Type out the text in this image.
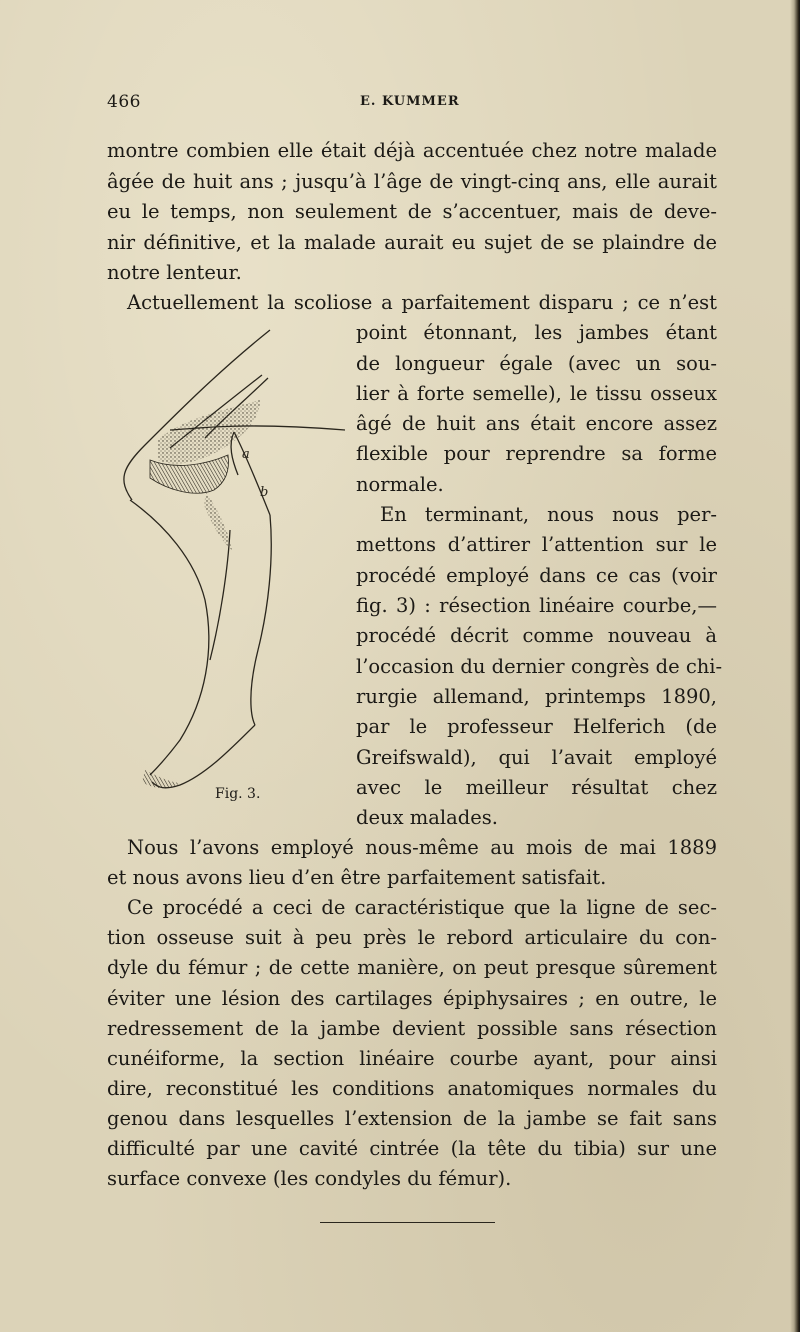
466	E. KUMMER
montre combien elle était déjà accentuée chez notre malade
âgée de huit ans ; jusqu’à l’âge de vingt-cinq ans, elle aurait
eu le temps, non seulement de s’accentuer, mais de deve-
nir définitive, et la malade aurait eu sujet de se plaindre de
notre lenteur.
Actuellement la scoliose a parfaitement disparu ; ce n’est
point étonnant, les jambes étant
de longueur égale (avec un sou-
lier à forte semelle), le tissu osseux
âgé de huit ans était encore assez
flexible pour reprendre sa forme
normale.
En terminant, nous nous per-
mettons d’attirer l’attention sur le
procédé employé dans ce cas (voir
fig. 3) : résection linéaire courbe,—
procédé décrit comme nouveau à
l’occasion du dernier congrès de chi-
rurgie allemand, printemps 1890,
par le professeur Helferich (de
Greifswald), qui l’avait employé
avec le meilleur résultat chez
deux malades.
Nous l’avons employé nous-même au mois de mai 1889
et nous avons lieu d’en être parfaitement satisfait.
Ce procédé a ceci de caractéristique que la ligne de sec-
tion osseuse suit à peu près le rebord articulaire du con-
dyle du fémur ; de cette manière, on peut presque sûrement
éviter une lésion des cartilages épiphysaires ; en outre, le
redressement de la jambe devient possible sans résection
cunéiforme, la section linéaire courbe ayant, pour ainsi
dire, reconstitué les conditions anatomiques normales du
genou dans lesquelles l’extension de la jambe se fait sans
difficulté par une cavité cintrée (la tête du tibia) sur une
surface convexe (les condyles du fémur).
a
b
Fig. 3.
